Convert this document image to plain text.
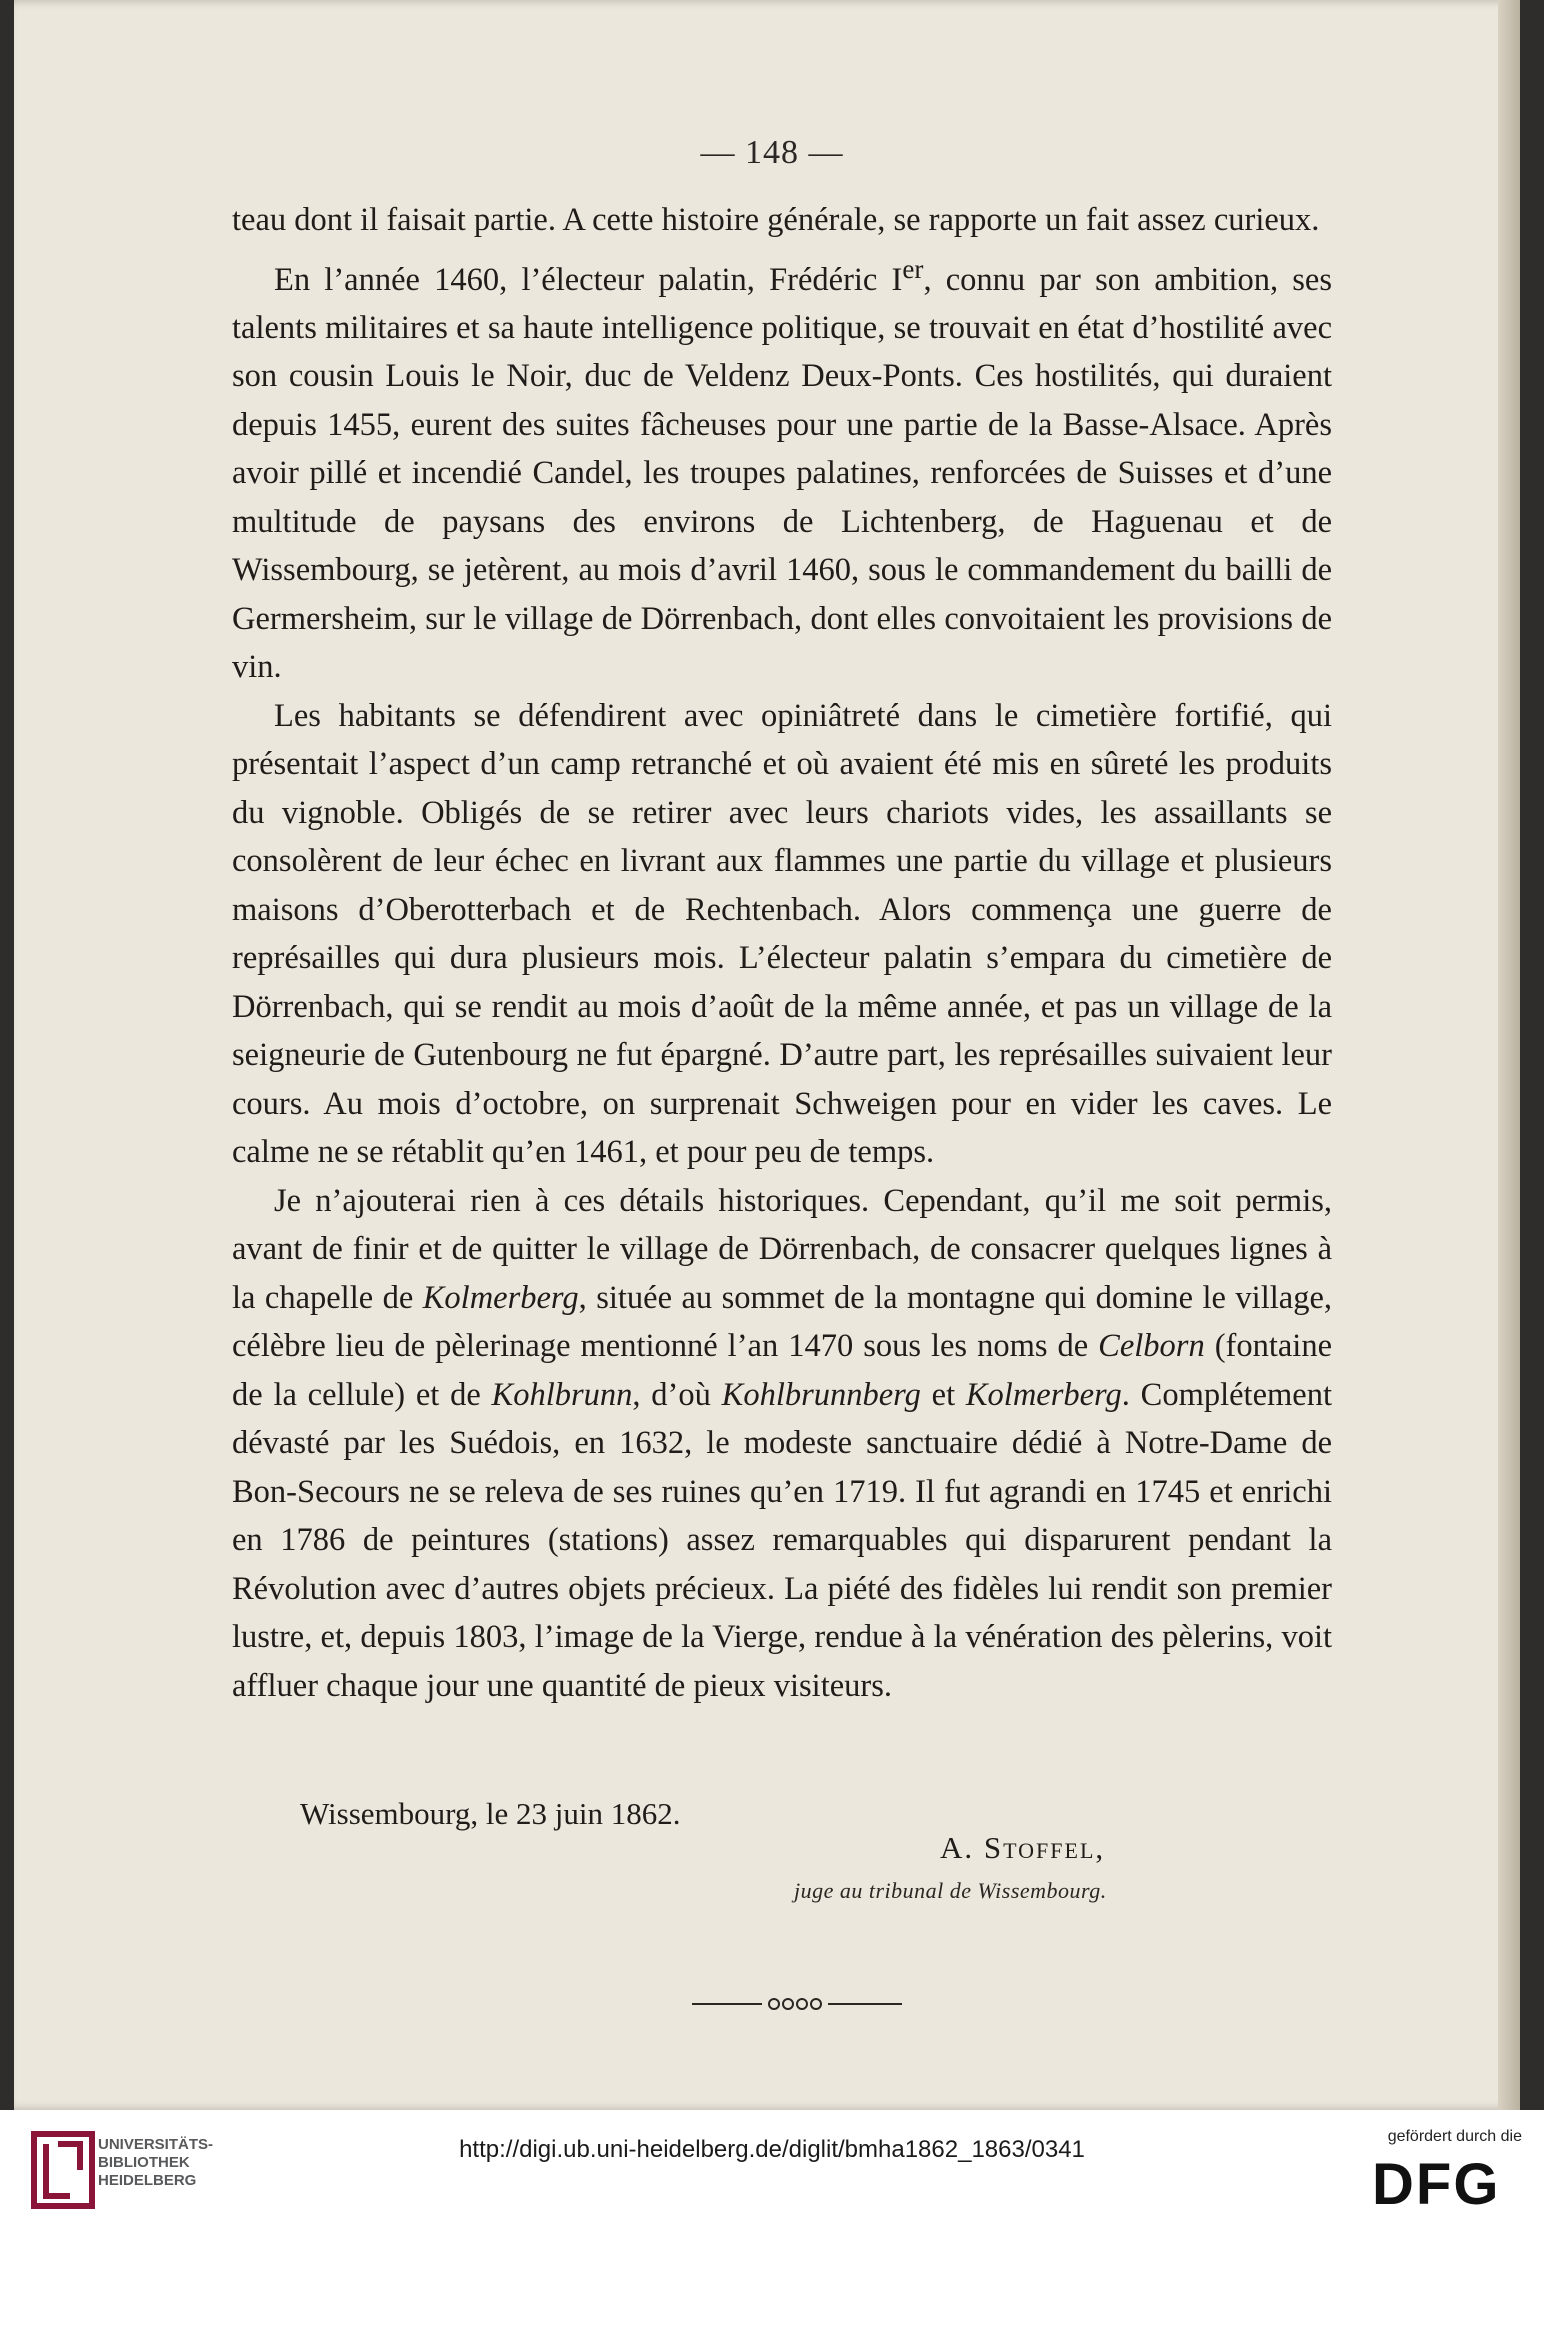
— 148 —

teau dont il faisait partie. A cette histoire générale, se rapporte un fait assez curieux.

En l’année 1460, l’électeur palatin, Frédéric Ier, connu par son ambition, ses talents militaires et sa haute intelligence politique, se trouvait en état d’hostilité avec son cousin Louis le Noir, duc de Veldenz Deux-Ponts. Ces hostilités, qui duraient depuis 1455, eurent des suites fâcheuses pour une partie de la Basse-Alsace. Après avoir pillé et incendié Candel, les troupes palatines, renforcées de Suisses et d’une multitude de paysans des environs de Lichtenberg, de Haguenau et de Wissembourg, se jetèrent, au mois d’avril 1460, sous le commandement du bailli de Germersheim, sur le village de Dörrenbach, dont elles convoitaient les provisions de vin.

Les habitants se défendirent avec opiniâtreté dans le cimetière fortifié, qui présentait l’aspect d’un camp retranché et où avaient été mis en sûreté les produits du vignoble. Obligés de se retirer avec leurs chariots vides, les assaillants se consolèrent de leur échec en livrant aux flammes une partie du village et plusieurs maisons d’Oberotterbach et de Rechtenbach. Alors commença une guerre de représailles qui dura plusieurs mois. L’électeur palatin s’empara du cimetière de Dörrenbach, qui se rendit au mois d’août de la même année, et pas un village de la seigneurie de Gutenbourg ne fut épargné. D’autre part, les représailles suivaient leur cours. Au mois d’octobre, on surprenait Schweigen pour en vider les caves. Le calme ne se rétablit qu’en 1461, et pour peu de temps.

Je n’ajouterai rien à ces détails historiques. Cependant, qu’il me soit permis, avant de finir et de quitter le village de Dörrenbach, de consacrer quelques lignes à la chapelle de Kolmerberg, située au sommet de la montagne qui domine le village, célèbre lieu de pèlerinage mentionné l’an 1470 sous les noms de Celborn (fontaine de la cellule) et de Kohlbrunn, d’où Kohlbrunnberg et Kolmerberg. Complétement dévasté par les Suédois, en 1632, le modeste sanctuaire dédié à Notre-Dame de Bon-Secours ne se releva de ses ruines qu’en 1719. Il fut agrandi en 1745 et enrichi en 1786 de peintures (stations) assez remarquables qui disparurent pendant la Révolution avec d’autres objets précieux. La piété des fidèles lui rendit son premier lustre, et, depuis 1803, l’image de la Vierge, rendue à la vénération des pèlerins, voit affluer chaque jour une quantité de pieux visiteurs.

Wissembourg, le 23 juin 1862.
A. Stoffel,
juge au tribunal de Wissembourg.
UNIVERSITÄTS-
BIBLIOTHEK
HEIDELBERG
http://digi.ub.uni-heidelberg.de/diglit/bmha1862_1863/0341	gefördert durch die
DFG
